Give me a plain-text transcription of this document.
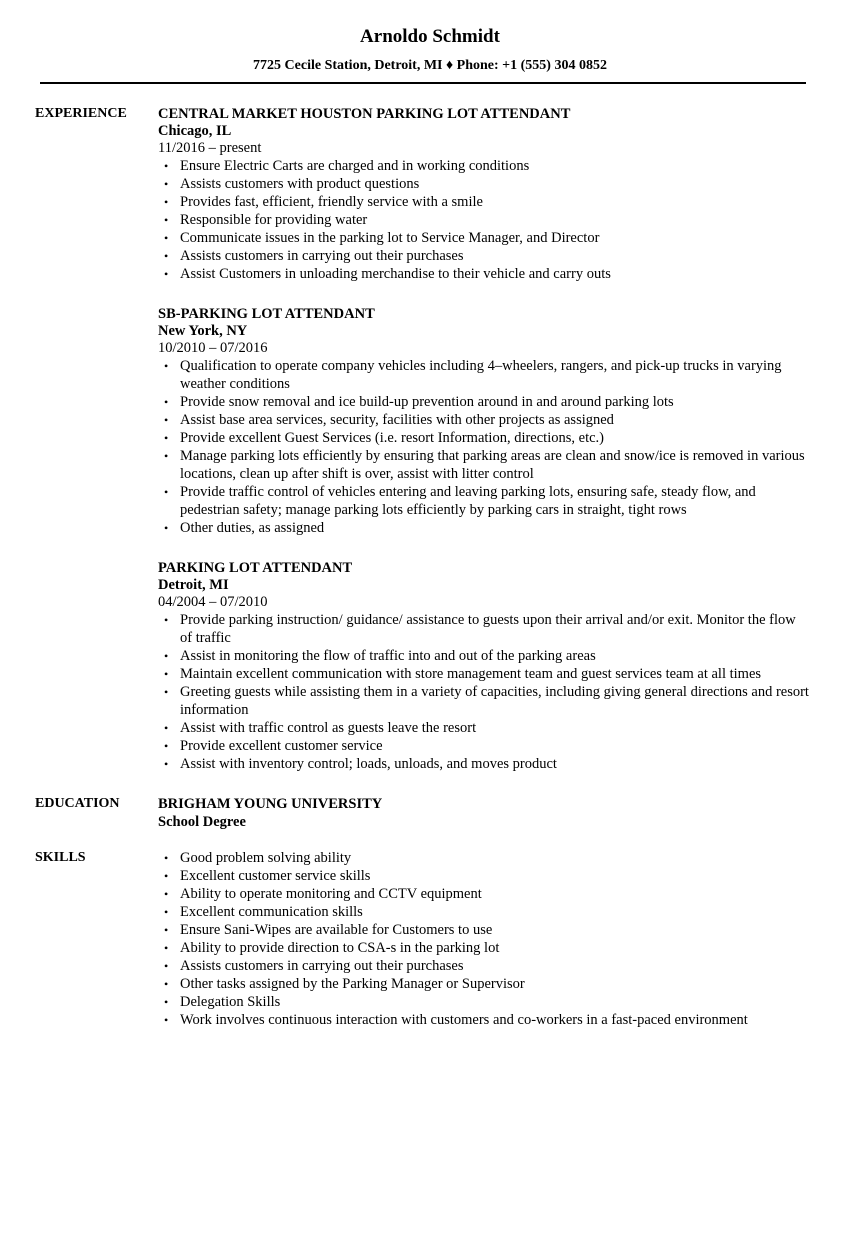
Arnoldo Schmidt
7725 Cecile Station, Detroit, MI ♦ Phone: +1 (555) 304 0852
EXPERIENCE CENTRAL MARKET HOUSTON PARKING LOT ATTENDANT
Chicago, IL
11/2016 – present
• Ensure Electric Carts are charged and in working conditions
• Assists customers with product questions
• Provides fast, efficient, friendly service with a smile
• Responsible for providing water
• Communicate issues in the parking lot to Service Manager, and Director
• Assists customers in carrying out their purchases
• Assist Customers in unloading merchandise to their vehicle and carry outs
SB-PARKING LOT ATTENDANT
New York, NY
10/2010 – 07/2016
• Qualification to operate company vehicles including 4–wheelers, rangers, and pick-up trucks in varying weather conditions
• Provide snow removal and ice build-up prevention around in and around parking lots
• Assist base area services, security, facilities with other projects as assigned
• Provide excellent Guest Services (i.e. resort Information, directions, etc.)
• Manage parking lots efficiently by ensuring that parking areas are clean and snow/ice is removed in various locations, clean up after shift is over, assist with litter control
• Provide traffic control of vehicles entering and leaving parking lots, ensuring safe, steady flow, and pedestrian safety; manage parking lots efficiently by parking cars in straight, tight rows
• Other duties, as assigned
PARKING LOT ATTENDANT
Detroit, MI
04/2004 – 07/2010
• Provide parking instruction/ guidance/ assistance to guests upon their arrival and/or exit. Monitor the flow of traffic
• Assist in monitoring the flow of traffic into and out of the parking areas
• Maintain excellent communication with store management team and guest services team at all times
• Greeting guests while assisting them in a variety of capacities, including giving general directions and resort information
• Assist with traffic control as guests leave the resort
• Provide excellent customer service
• Assist with inventory control; loads, unloads, and moves product
EDUCATION	BRIGHAM YOUNG UNIVERSITY
School Degree
SKILLS
•	Good problem solving ability
• Excellent customer service skills
• Ability to operate monitoring and CCTV equipment
• Excellent communication skills
• Ensure Sani-Wipes are available for Customers to use
• Ability to provide direction to CSA-s in the parking lot
• Assists customers in carrying out their purchases
• Other tasks assigned by the Parking Manager or Supervisor
• Delegation Skills
• Work involves continuous interaction with customers and co-workers in a fast-paced environment
